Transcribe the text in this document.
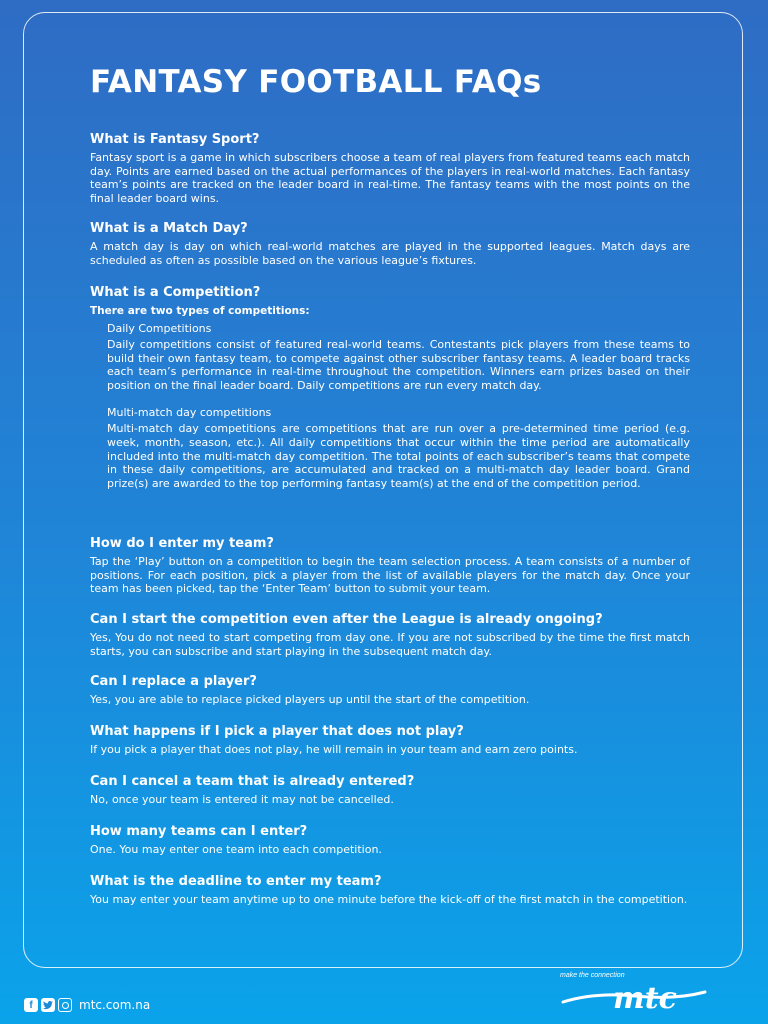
FANTASY FOOTBALL FAQs

What is Fantasy Sport?

Fantasy sport is a game in which subscribers choose a team of real players from featured teams each match day. Points are earned based on the actual performances of the players in real-world matches. Each fantasy team’s points are tracked on the leader board in real-time. The fantasy teams with the most points on the final leader board wins.

What is a Match Day?

A match day is day on which real-world matches are played in the supported leagues. Match days are scheduled as often as possible based on the various league’s fixtures.

What is a Competition?

There are two types of competitions:

Daily Competitions

Daily competitions consist of featured real-world teams. Contestants pick players from these teams to build their own fantasy team, to compete against other subscriber fantasy teams. A leader board tracks each team’s performance in real-time throughout the competition. Winners earn prizes based on their position on the final leader board. Daily competitions are run every match day.

Multi-match day competitions

Multi-match day competitions are competitions that are run over a pre-determined time period (e.g. week, month, season, etc.). All daily competitions that occur within the time period are automatically included into the multi-match day competition. The total points of each subscriber’s teams that compete in these daily competitions, are accumulated and tracked on a multi-match day leader board. Grand prize(s) are awarded to the top performing fantasy team(s) at the end of the competition period.

How do I enter my team?

Tap the ‘Play’ button on a competition to begin the team selection process. A team consists of a number of positions. For each position, pick a player from the list of available players for the match day. Once your team has been picked, tap the ‘Enter Team’ button to submit your team.

Can I start the competition even after the League is already ongoing?

Yes, You do not need to start competing from day one. If you are not subscribed by the time the first match starts, you can subscribe and start playing in the subsequent match day.

Can I replace a player?

Yes, you are able to replace picked players up until the start of the competition.

What happens if I pick a player that does not play?

If you pick a player that does not play, he will remain in your team and earn zero points.

Can I cancel a team that is already entered?

No, once your team is entered it may not be cancelled.

How many teams can I enter?

One. You may enter one team into each competition.

What is the deadline to enter my team?

You may enter your team anytime up to one minute before the kick-off of the first match in the competition.

f	mtc.com.na
make the connection
mtc
